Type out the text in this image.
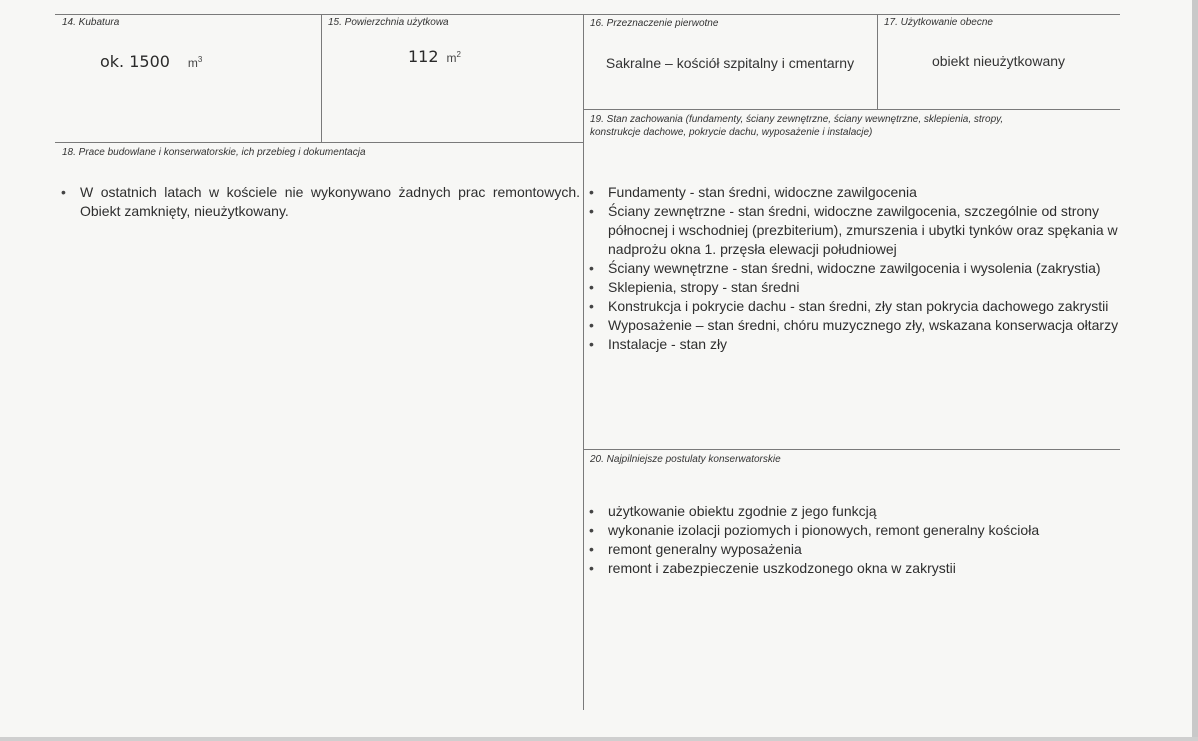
14. Kubatura
ok. 1500 $m^3$
15. Powierzchnia użytkowa
112 $m^2$
16. Przeznaczenie pierwotne
Sakralne – kościół szpitalny i cmentarny
17. Użytkowanie obecne
obiekt nieużytkowany
18. Prace budowlane i konserwatorskie, ich przebieg i dokumentacja
• W ostatnich latach w kościele nie wykonywano żadnych prac remontowych. Obiekt zamknięty, nieużytkowany.
19. Stan zachowania (fundamenty, ściany zewnętrzne, ściany wewnętrzne, sklepienia, stropy, konstrukcje dachowe, pokrycie dachu, wyposażenie i instalacje)
• Fundamenty - stan średni, widoczne zawilgocenia
• Ściany zewnętrzne - stan średni, widoczne zawilgocenia, szczególnie od strony północnej i wschodniej (prezbiterium), zmurszenia i ubytki tynków oraz spękania w nadprożu okna 1. przęsła elewacji południowej
• Ściany wewnętrzne - stan średni, widoczne zawilgocenia i wysolenia (zakrystia)
• Sklepienia, stropy - stan średni
• Konstrukcja i pokrycie dachu - stan średni, zły stan pokrycia dachowego zakrystii
• Wyposażenie – stan średni, chóru muzycznego zły, wskazana konserwacja ołtarzy
• Instalacje - stan zły
20. Najpilniejsze postulaty konserwatorskie
• użytkowanie obiektu zgodnie z jego funkcją
• wykonanie izolacji poziomych i pionowych, remont generalny kościoła
• remont generalny wyposażenia
• remont i zabezpieczenie uszkodzonego okna w zakrystii
